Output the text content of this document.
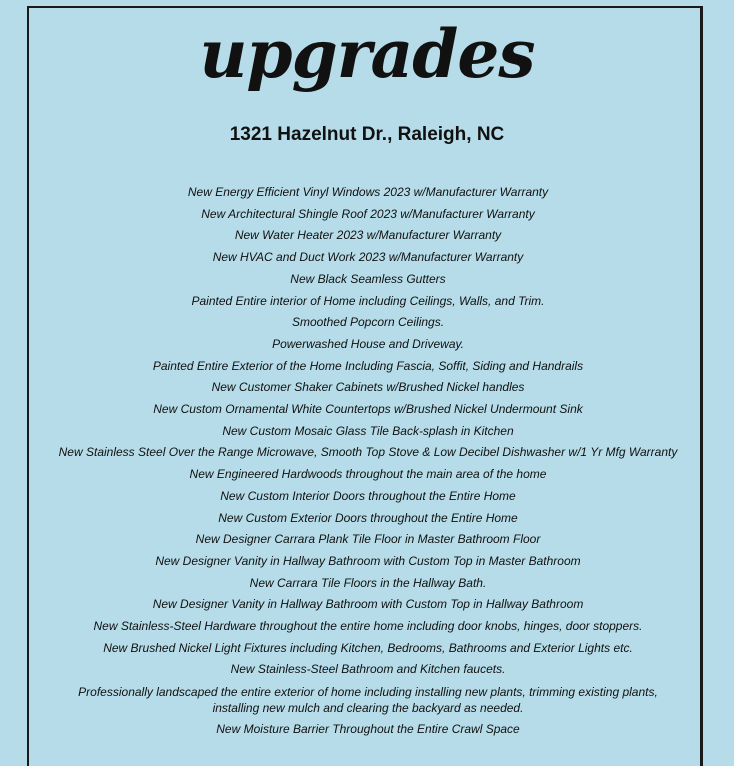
upgrades
1321 Hazelnut Dr., Raleigh, NC
New Energy Efficient Vinyl Windows 2023 w/Manufacturer Warranty
New Architectural Shingle Roof 2023 w/Manufacturer Warranty
New Water Heater 2023 w/Manufacturer Warranty
New HVAC and Duct Work 2023 w/Manufacturer Warranty
New Black Seamless Gutters
Painted Entire interior of Home including Ceilings, Walls, and Trim.
Smoothed Popcorn Ceilings.
Powerwashed House and Driveway.
Painted Entire Exterior of the Home Including Fascia, Soffit, Siding and Handrails
New Customer Shaker Cabinets w/Brushed Nickel handles
New Custom Ornamental White Countertops w/Brushed Nickel Undermount Sink
New Custom Mosaic Glass Tile Back-splash in Kitchen
New Stainless Steel Over the Range Microwave, Smooth Top Stove & Low Decibel Dishwasher w/1 Yr Mfg Warranty
New Engineered Hardwoods throughout the main area of the home
New Custom Interior Doors throughout the Entire Home
New Custom Exterior Doors throughout the Entire Home
New Designer Carrara Plank Tile Floor in Master Bathroom Floor
New Designer Vanity in Hallway Bathroom with Custom Top in Master Bathroom
New Carrara Tile Floors in the Hallway Bath.
New Designer Vanity in Hallway Bathroom with Custom Top in Hallway Bathroom
New Stainless-Steel Hardware throughout the entire home including door knobs, hinges, door stoppers.
New Brushed Nickel Light Fixtures including Kitchen, Bedrooms, Bathrooms and Exterior Lights etc.
New Stainless-Steel Bathroom and Kitchen faucets.
Professionally landscaped the entire exterior of home including installing new plants, trimming existing plants,
installing new mulch and clearing the backyard as needed.
New Moisture Barrier Throughout the Entire Crawl Space
